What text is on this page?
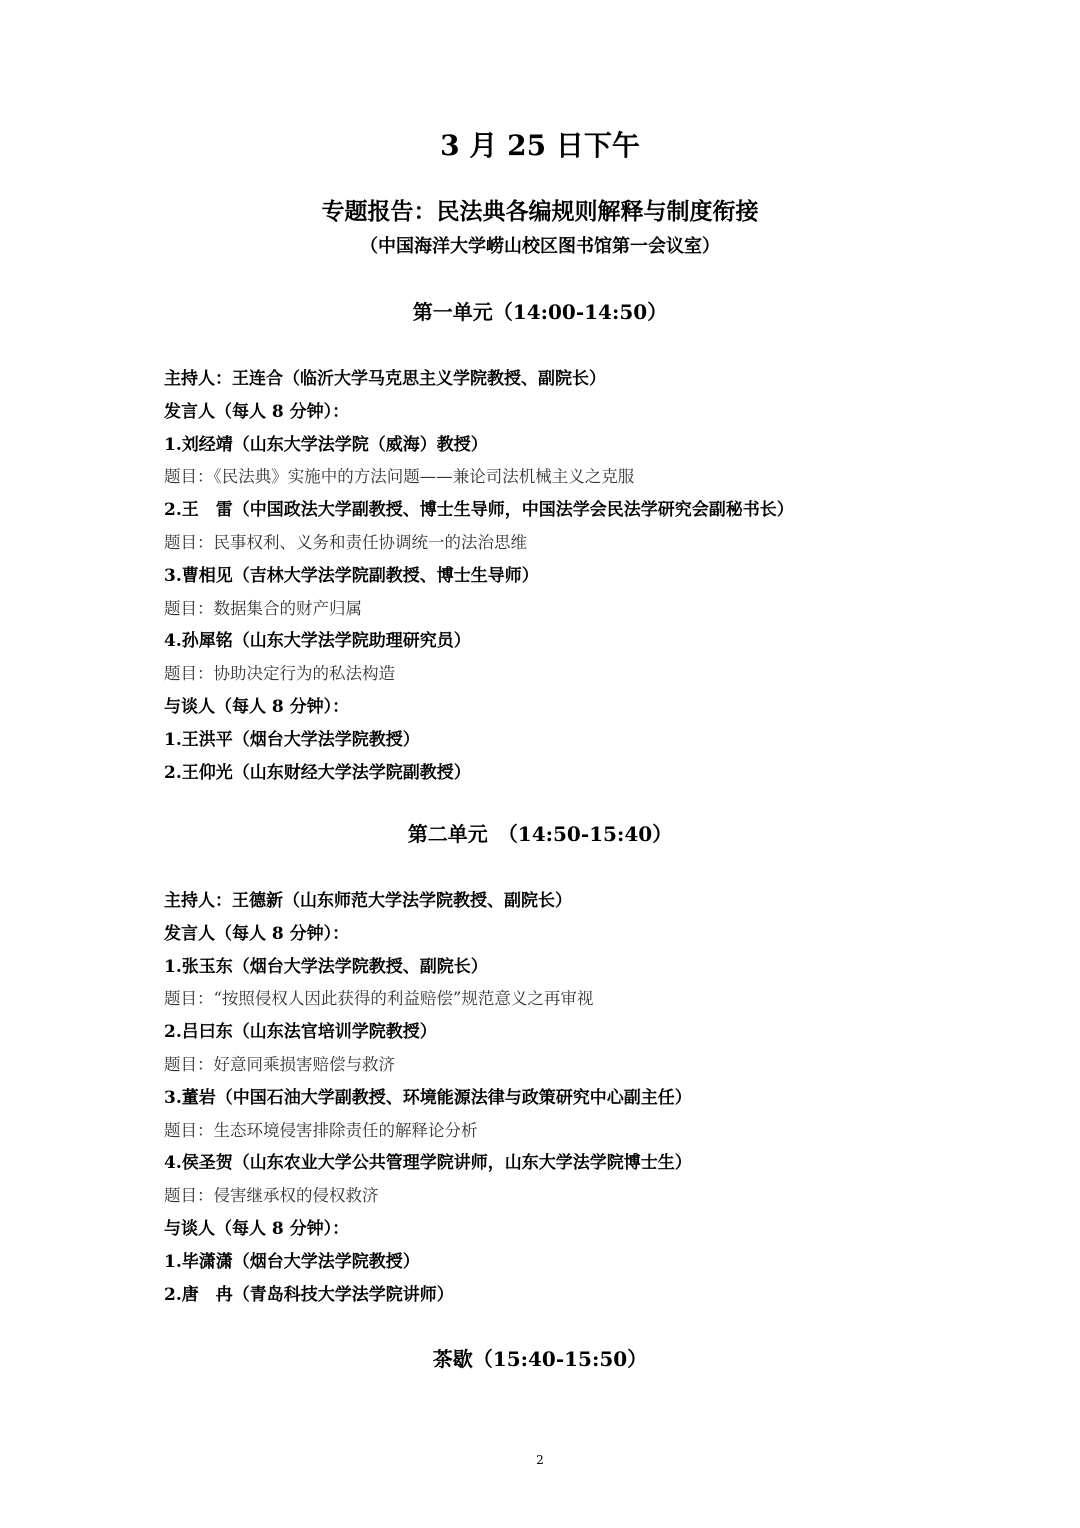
3 月 25 日下午
专题报告：民法典各编规则解释与制度衔接
（中国海洋大学崂山校区图书馆第一会议室）
第一单元（14:00-14:50）
主持人：王连合（临沂大学马克思主义学院教授、副院长）
发言人（每人 8 分钟）：
1.刘经靖（山东大学法学院（威海）教授）
题目：《民法典》实施中的方法问题——兼论司法机械主义之克服
2.王　雷（中国政法大学副教授、博士生导师，中国法学会民法学研究会副秘书长）
题目：民事权利、义务和责任协调统一的法治思维
3.曹相见（吉林大学法学院副教授、博士生导师）
题目：数据集合的财产归属
4.孙犀铭（山东大学法学院助理研究员）
题目：协助决定行为的私法构造
与谈人（每人 8 分钟）：
1.王洪平（烟台大学法学院教授）
2.王仰光（山东财经大学法学院副教授）
第二单元　（14:50-15:40）
主持人：王德新（山东师范大学法学院教授、副院长）
发言人（每人 8 分钟）：
1.张玉东（烟台大学法学院教授、副院长）
题目：“按照侵权人因此获得的利益赔偿”规范意义之再审视
2.吕曰东（山东法官培训学院教授）
题目：好意同乘损害赔偿与救济
3.董岩（中国石油大学副教授、环境能源法律与政策研究中心副主任）
题目：生态环境侵害排除责任的解释论分析
4.侯圣贺（山东农业大学公共管理学院讲师，山东大学法学院博士生）
题目：侵害继承权的侵权救济
与谈人（每人 8 分钟）：
1.毕潇潇（烟台大学法学院教授）
2.唐　冉（青岛科技大学法学院讲师）
茶歇（15:40-15:50）
2
